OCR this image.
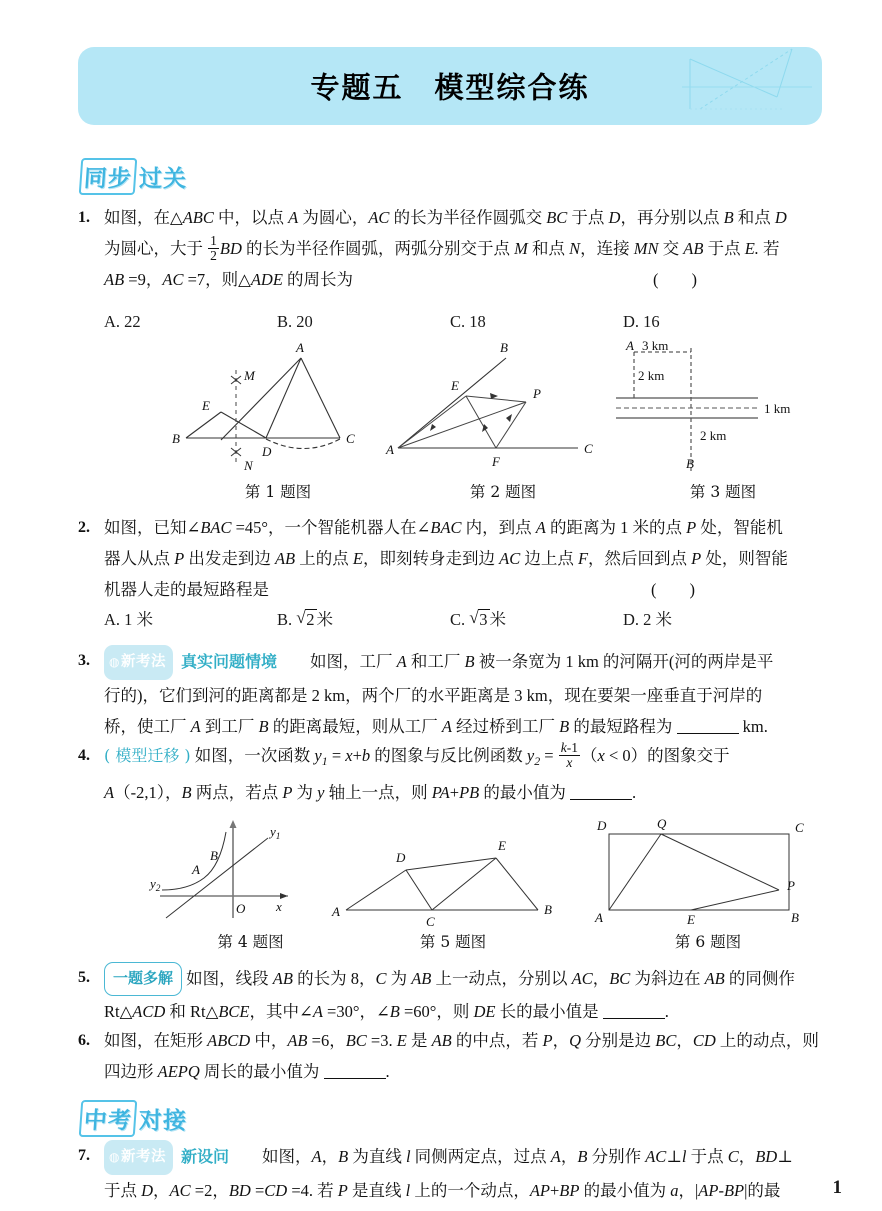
专题五　模型综合练
同步 过关
1. 如图，在△ABC 中，以点 A 为圆心，AC 的长为半径作圆弧交 BC 于点 D，再分别以点 B 和点 D
为圆心，大于 $\frac{1}{2}$ BD 的长为半径作圆弧，两弧分别交于点 M 和点 N，连接 MN 交 AB 于点 E. 若
AB =9，AC =7，则△ADE 的周长为	(　　)
A. 22	B. 20	C. 18	D. 16
A
B	C
D
E
M
N
第 1 题图
B
A	C
E
P
F
第 2 题图
A 3 km
2 km
1 km
2 km
B
第 3 题图
2. 如图，已知∠BAC =45°，一个智能机器人在∠BAC 内，到点 A 的距离为 1 米的点 P 处，智能机
器人从点 P 出发走到边 AB 上的点 E，即刻转身走到边 AC 边上点 F，然后回到点 P 处，则智能
机器人走的最短路程是	(　　)
A. 1 米	B. √ 2 米	C. √ 3 米	D. 2 米
3.	◍新考法 真实问题情境　　如图，工厂 A 和工厂 B 被一条宽为 1 km 的河隔开(河的两岸是平
行的)，它们到河的距离都是 2 km，两个厂的水平距离是 3 km，现在要架一座垂直于河岸的
桥，使工厂 A 到工厂 B 的距离最短，则从工厂 A 经过桥到工厂 B 的最短路程为	km.
4. ( 模型迁移 ) 如图，一次函数 $y_1 = x+b$ 的图象与反比例函数 $y_2 = \frac{k-1}{x} (x < 0)$的图象交于
A（-2,1），B 两点，若点 P 为 y 轴上一点，则 PA+PB 的最小值为	.
$y_1$
$y_2$
A
B
O x
第 4 题图
A	B
C
D
E
第 5 题图
A	B
C
D
E
P
Q
第 6 题图
5.	一题多解 如图，线段 AB 的长为 8，C 为 AB 上一动点，分别以 AC，BC 为斜边在 AB 的同侧作
Rt△ACD 和 Rt△BCE，其中∠A =30°，∠B =60°，则 DE 长的最小值是	.
6. 如图，在矩形 ABCD 中，AB =6，BC =3. E 是 AB 的中点，若 P，Q 分别是边 BC，CD 上的动点，则
四边形 AEPQ 周长的最小值为	.
中考 对接
7.	◍新考法 新设问　　如图，A，B 为直线 l 同侧两定点，过点 A，B 分别作 AC⊥l 于点 C，BD⊥
于点 D，AC =2，BD =CD =4. 若 P 是直线 l 上的一个动点，AP+BP 的最小值为 a，|AP-BP|的最	1
